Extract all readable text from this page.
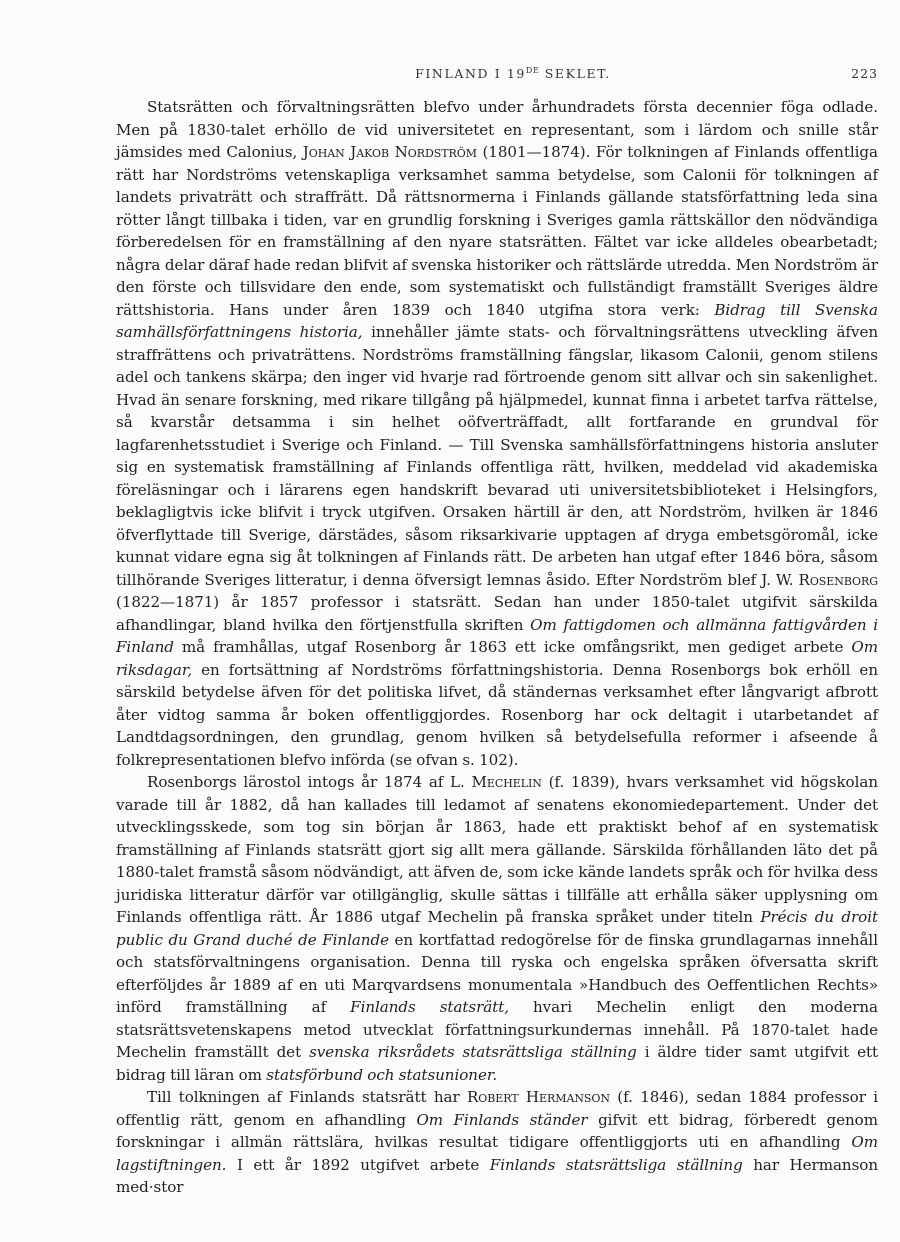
FINLAND I 19DE SEKLET.	223

Statsrätten och förvaltningsrätten blefvo under århundradets första decennier föga odlade. Men på 1830-talet erhöllo de vid universitetet en representant, som i lärdom och snille står jämsides med Calonius, Johan Jakob Nordström (1801—1874). För tolkningen af Finlands offentliga rätt har Nordströms vetenskapliga verksamhet samma betydelse, som Calonii för tolkningen af landets privaträtt och straffrätt. Då rättsnormerna i Finlands gällande statsförfattning leda sina rötter långt tillbaka i tiden, var en grundlig forskning i Sveriges gamla rättskällor den nödvändiga förberedelsen för en framställning af den nyare statsrätten. Fältet var icke alldeles obearbetadt; några delar däraf hade redan blifvit af svenska historiker och rättslärde utredda. Men Nordström är den förste och tillsvidare den ende, som systematiskt och fullständigt framställt Sveriges äldre rättshistoria. Hans under åren 1839 och 1840 utgifna stora verk: Bidrag till Svenska samhällsförfattningens historia, innehåller jämte stats- och förvaltningsrättens utveckling äfven straffrättens och privaträttens. Nordströms framställning fängslar, likasom Calonii, genom stilens adel och tankens skärpa; den inger vid hvarje rad förtroende genom sitt allvar och sin sakenlighet. Hvad än senare forskning, med rikare tillgång på hjälpmedel, kunnat finna i arbetet tarfva rättelse, så kvarstår detsamma i sin helhet oöfverträffadt, allt fortfarande en grundval för lagfarenhetsstudiet i Sverige och Finland. — Till Svenska samhällsförfattningens historia ansluter sig en systematisk framställning af Finlands offentliga rätt, hvilken, meddelad vid akademiska föreläsningar och i lärarens egen handskrift bevarad uti universitetsbiblioteket i Helsingfors, beklagligtvis icke blifvit i tryck utgifven. Orsaken härtill är den, att Nordström, hvilken är 1846 öfverflyttade till Sverige, därstädes, såsom riksarkivarie upptagen af dryga embetsgöromål, icke kunnat vidare egna sig åt tolkningen af Finlands rätt. De arbeten han utgaf efter 1846 böra, såsom tillhörande Sveriges litteratur, i denna öfversigt lemnas åsido. Efter Nordström blef J. W. Rosenborg (1822—1871) år 1857 professor i statsrätt. Sedan han under 1850-talet utgifvit särskilda afhandlingar, bland hvilka den förtjenstfulla skriften Om fattigdomen och allmänna fattigvården i Finland må framhållas, utgaf Rosenborg år 1863 ett icke omfångsrikt, men gediget arbete Om riksdagar, en fortsättning af Nordströms författningshistoria. Denna Rosenborgs bok erhöll en särskild betydelse äfven för det politiska lifvet, då ständernas verksamhet efter långvarigt afbrott åter vidtog samma år boken offentliggjordes. Rosenborg har ock deltagit i utarbetandet af Landtdagsordningen, den grundlag, genom hvilken så betydelsefulla reformer i afseende å folkrepresentationen blefvo införda (se ofvan s. 102).

Rosenborgs lärostol intogs år 1874 af L. Mechelin (f. 1839), hvars verksamhet vid högskolan varade till år 1882, då han kallades till ledamot af senatens ekonomiedepartement. Under det utvecklingsskede, som tog sin början år 1863, hade ett praktiskt behof af en systematisk framställning af Finlands statsrätt gjort sig allt mera gällande. Särskilda förhållanden läto det på 1880-talet framstå såsom nödvändigt, att äfven de, som icke kände landets språk och för hvilka dess juridiska litteratur därför var otillgänglig, skulle sättas i tillfälle att erhålla säker upplysning om Finlands offentliga rätt. År 1886 utgaf Mechelin på franska språket under titeln Précis du droit public du Grand duché de Finlande en kortfattad redogörelse för de finska grundlagarnas innehåll och statsförvaltningens organisation. Denna till ryska och engelska språken öfversatta skrift efterföljdes år 1889 af en uti Marqvardsens monumentala »Handbuch des Oeffentlichen Rechts» införd framställning af Finlands statsrätt, hvari Mechelin enligt den moderna statsrättsvetenskapens metod utvecklat författningsurkundernas innehåll. På 1870-talet hade Mechelin framställt det svenska riksrådets statsrättsliga ställning i äldre tider samt utgifvit ett bidrag till läran om statsförbund och statsunioner.

Till tolkningen af Finlands statsrätt har Robert Hermanson (f. 1846), sedan 1884 professor i offentlig rätt, genom en afhandling Om Finlands ständer gifvit ett bidrag, förberedt genom forskningar i allmän rättslära, hvilkas resultat tidigare offentliggjorts uti en afhandling Om lagstiftningen. I ett år 1892 utgifvet arbete Finlands statsrättsliga ställning har Hermanson med·stor
